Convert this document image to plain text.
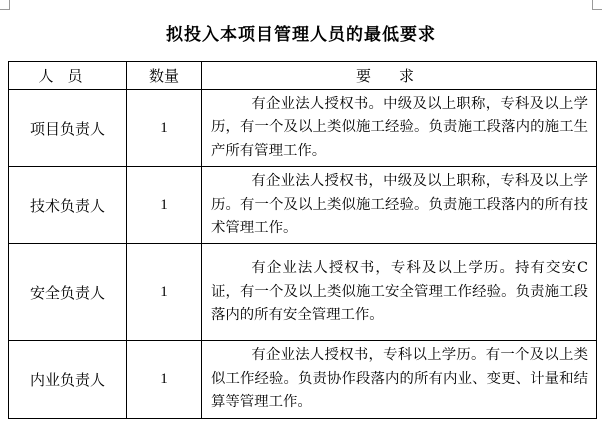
拟投入本项目管理人员的最低要求
人员	数量	要求
项目负责人	1	有企业法人授权书。中级及以上职称，专科及以上学历，有一个及以上类似施工经验。负责施工段落内的施工生产所有管理工作。

技术负责人	1	有企业法人授权书，中级及以上职称，专科及以上学历。有一个及以上类似施工经验。负责施工段落内的所有技术管理工作。

安全负责人	1	有企业法人授权书，专科及以上学历。持有交安C证，有一个及以上类似施工安全管理工作经验。负责施工段落内的所有安全管理工作。

内业负责人	1	有企业法人授权书，专科以上学历。有一个及以上类似工作经验。负责协作段落内的所有内业、变更、计量和结算等管理工作。
